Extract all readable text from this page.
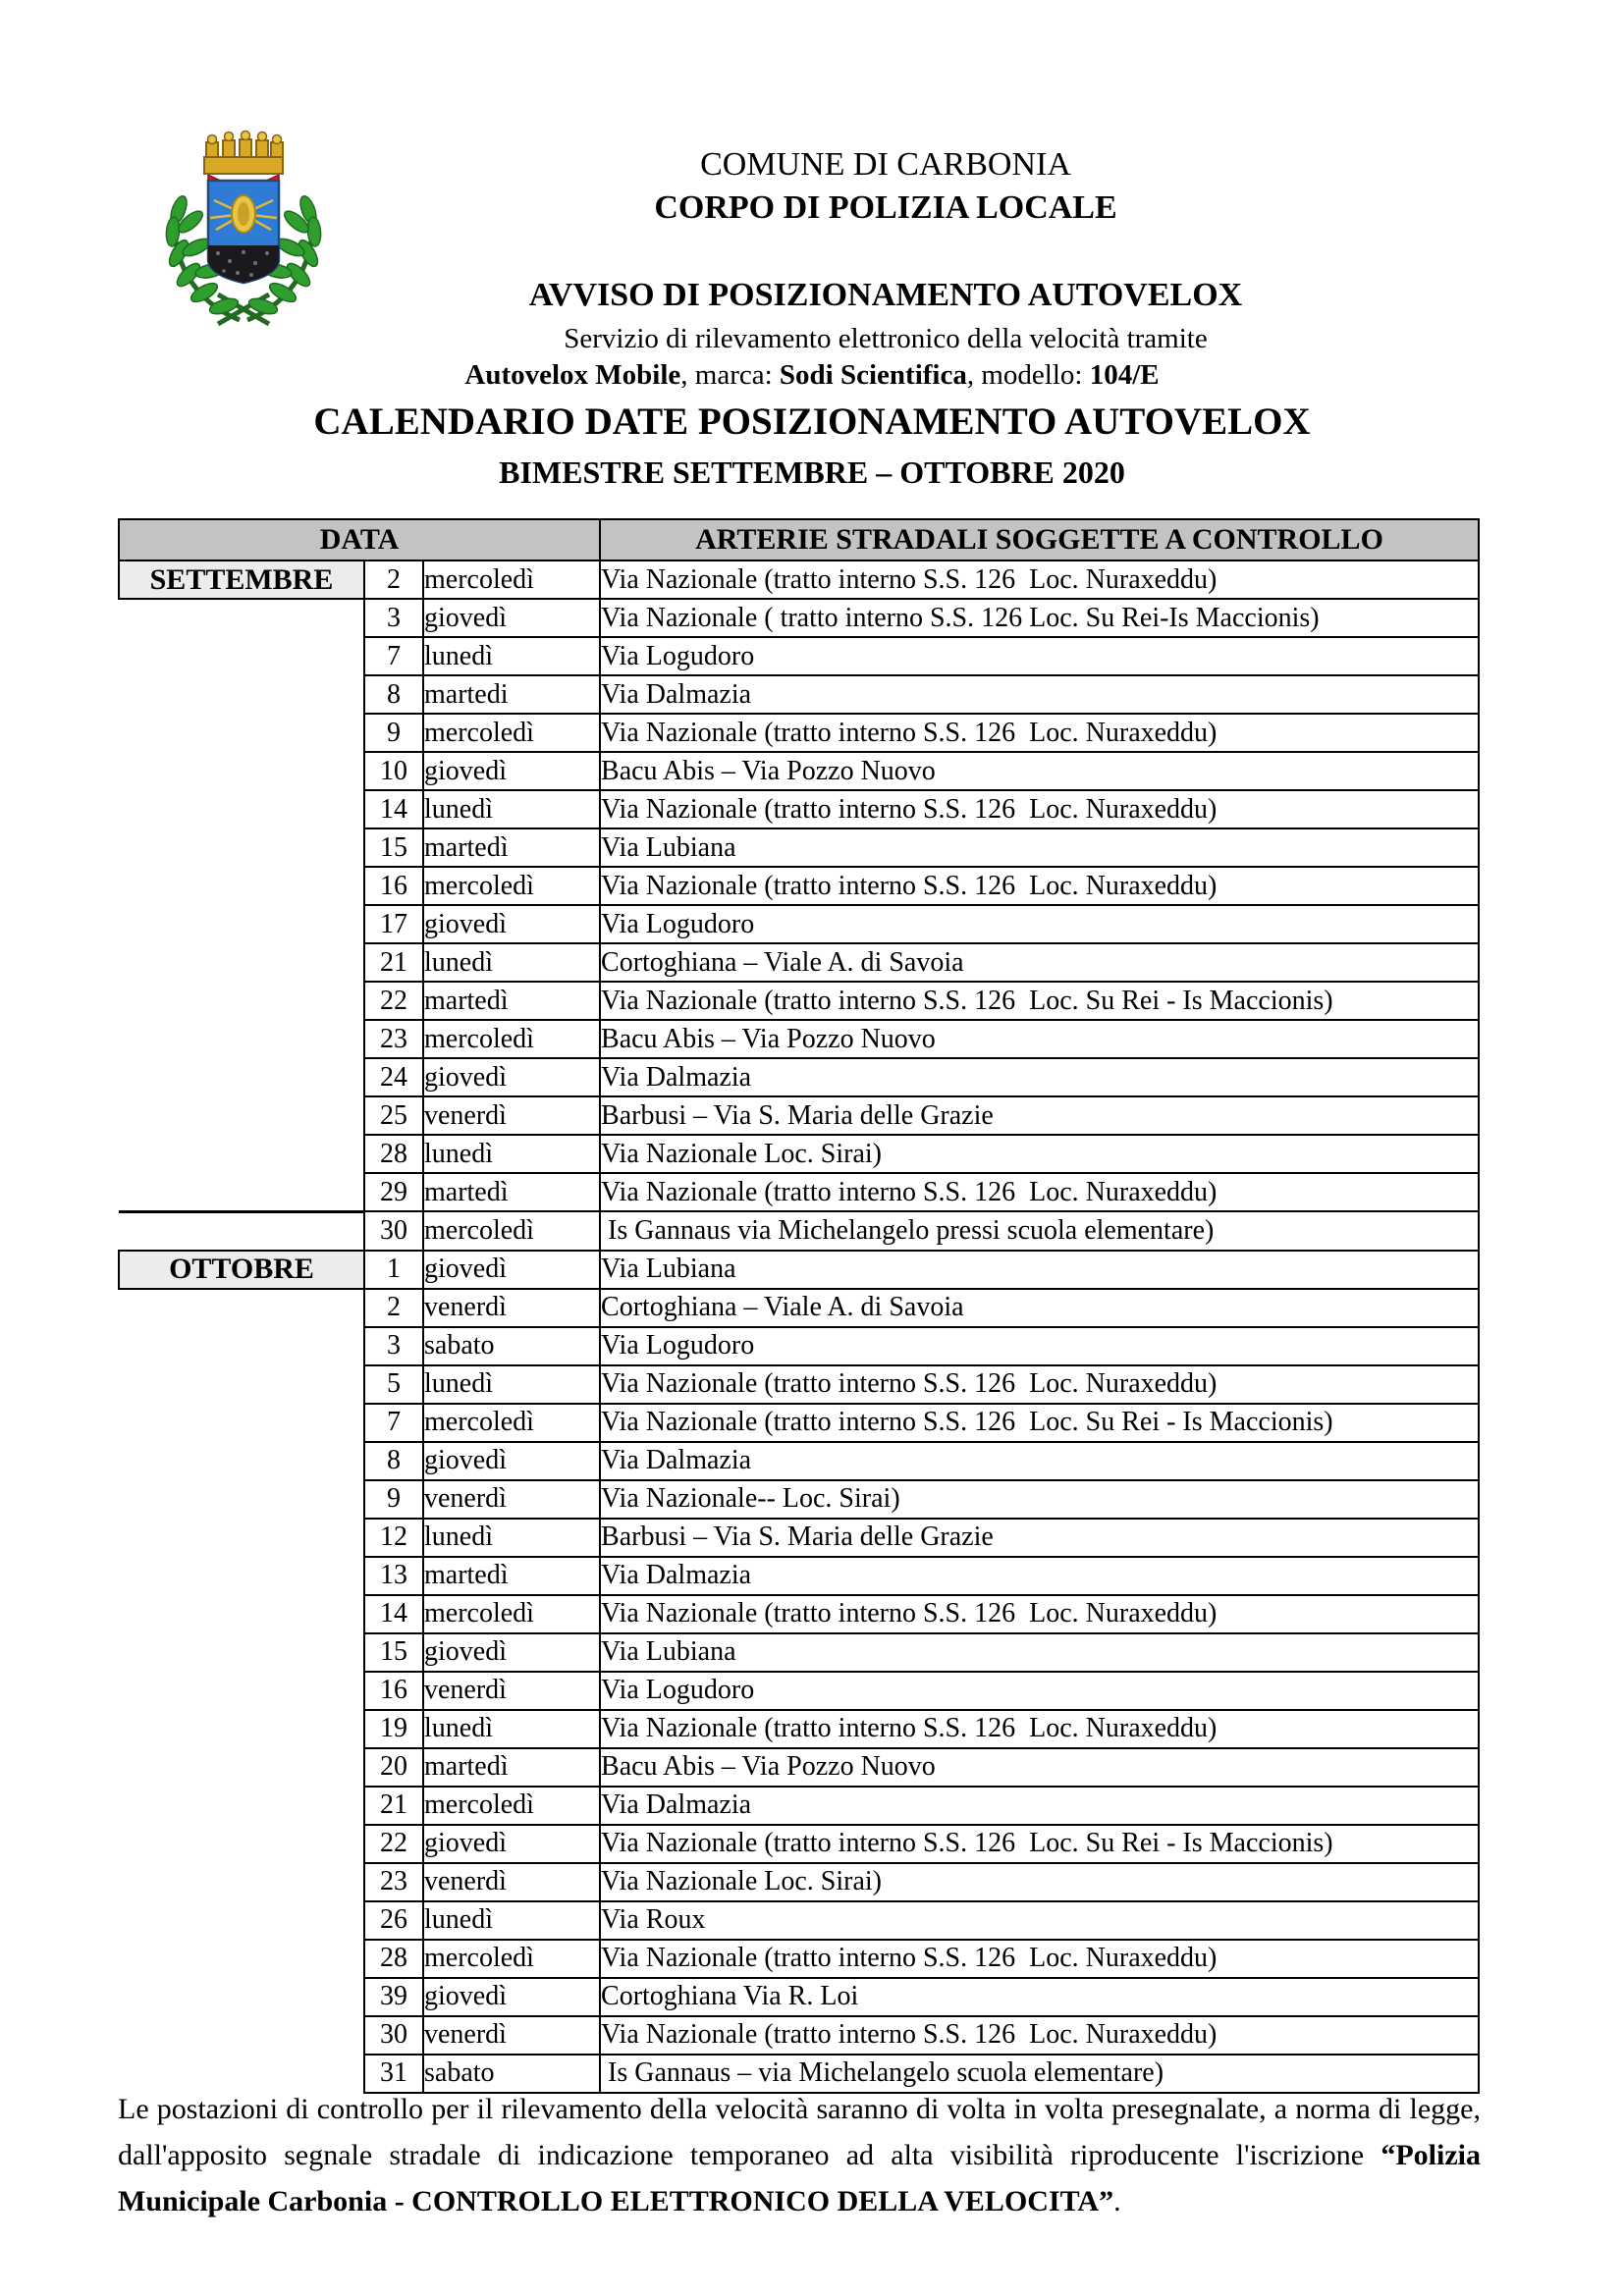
COMUNE DI CARBONIA
CORPO DI POLIZIA LOCALE
AVVISO DI POSIZIONAMENTO AUTOVELOX
Servizio di rilevamento elettronico della velocità tramite
Autovelox Mobile, marca: Sodi Scientifica, modello: 104/E
CALENDARIO DATE POSIZIONAMENTO AUTOVELOX
BIMESTRE SETTEMBRE – OTTOBRE 2020
DATA			ARTERIE STRADALI SOGGETTE A CONTROLLO
SETTEMBRE	2	mercoledì	Via Nazionale (tratto interno S.S. 126  Loc. Nuraxeddu)
	3	giovedì	Via Nazionale ( tratto interno S.S. 126 Loc. Su Rei-Is Maccionis)
	7	lunedì	Via Logudoro
	8	martedi	Via Dalmazia
	9	mercoledì	Via Nazionale (tratto interno S.S. 126  Loc. Nuraxeddu)
	10	giovedì	Bacu Abis – Via Pozzo Nuovo
	14	lunedì	Via Nazionale (tratto interno S.S. 126  Loc. Nuraxeddu)
	15	martedì	Via Lubiana
	16	mercoledì	Via Nazionale (tratto interno S.S. 126  Loc. Nuraxeddu)
	17	giovedì	Via Logudoro
	21	lunedì	Cortoghiana – Viale A. di Savoia
	22	martedì	Via Nazionale (tratto interno S.S. 126  Loc. Su Rei - Is Maccionis)
	23	mercoledì	Bacu Abis – Via Pozzo Nuovo
	24	giovedì	Via Dalmazia
	25	venerdì	Barbusi – Via S. Maria delle Grazie
	28	lunedì	Via Nazionale Loc. Sirai)
	29	martedì	Via Nazionale (tratto interno S.S. 126  Loc. Nuraxeddu)
	30	mercoledì	Is Gannaus via Michelangelo pressi scuola elementare)
OTTOBRE	1	giovedì	Via Lubiana
	2	venerdì	Cortoghiana – Viale A. di Savoia
	3	sabato	Via Logudoro
	5	lunedì	Via Nazionale (tratto interno S.S. 126  Loc. Nuraxeddu)
	7	mercoledì	Via Nazionale (tratto interno S.S. 126  Loc. Su Rei - Is Maccionis)
	8	giovedì	Via Dalmazia
	9	venerdì	Via Nazionale-- Loc. Sirai)
	12	lunedì	Barbusi – Via S. Maria delle Grazie
	13	martedì	Via Dalmazia
	14	mercoledì	Via Nazionale (tratto interno S.S. 126  Loc. Nuraxeddu)
	15	giovedì	Via Lubiana
	16	venerdì	Via Logudoro
	19	lunedì	Via Nazionale (tratto interno S.S. 126  Loc. Nuraxeddu)
	20	martedì	Bacu Abis – Via Pozzo Nuovo
	21	mercoledì	Via Dalmazia
	22	giovedì	Via Nazionale (tratto interno S.S. 126  Loc. Su Rei - Is Maccionis)
	23	venerdì	Via Nazionale Loc. Sirai)
	26	lunedì	Via Roux
	28	mercoledì	Via Nazionale (tratto interno S.S. 126  Loc. Nuraxeddu)
	39	giovedì	Cortoghiana Via R. Loi
	30	venerdì	Via Nazionale (tratto interno S.S. 126  Loc. Nuraxeddu)
	31	sabato	Is Gannaus – via Michelangelo scuola elementare)

Le postazioni di controllo per il rilevamento della velocità saranno di volta in volta presegnalate, a norma di legge, dall'apposito segnale stradale di indicazione temporaneo ad alta visibilità riproducente l'iscrizione “Polizia Municipale Carbonia - CONTROLLO ELETTRONICO DELLA VELOCITA”.
